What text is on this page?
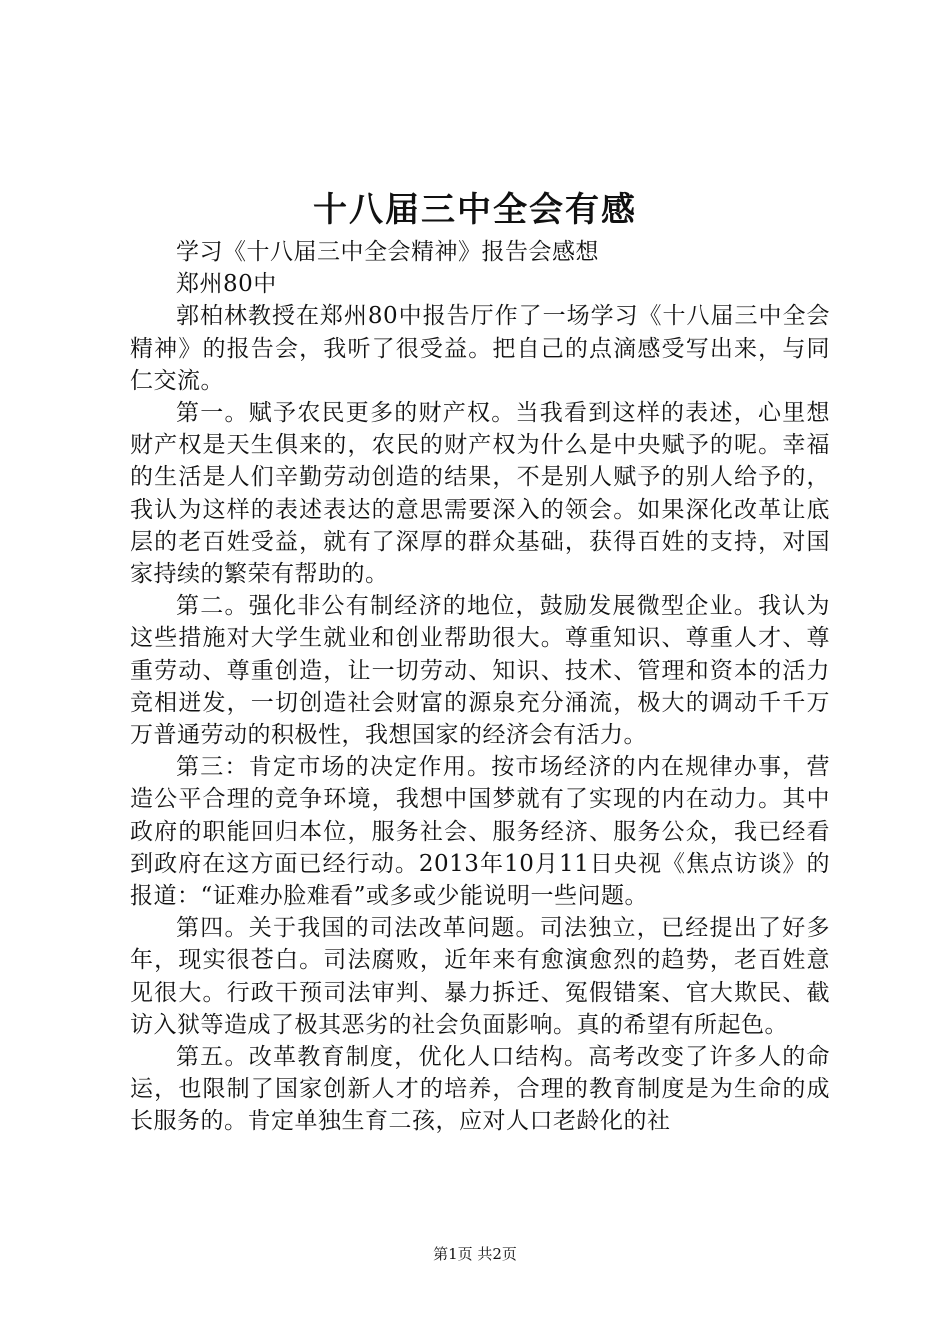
十八届三中全会有感

学习《十八届三中全会精神》报告会感想

郑州80中

郭柏林教授在郑州80中报告厅作了一场学习《十八届三中全会精神》的报告会，我听了很受益。把自己的点滴感受写出来，与同仁交流。

第一。赋予农民更多的财产权。当我看到这样的表述，心里想财产权是天生俱来的，农民的财产权为什么是中央赋予的呢。幸福的生活是人们辛勤劳动创造的结果，不是别人赋予的别人给予的，我认为这样的表述表达的意思需要深入的领会。如果深化改革让底层的老百姓受益，就有了深厚的群众基础，获得百姓的支持，对国家持续的繁荣有帮助的。

第二。强化非公有制经济的地位，鼓励发展微型企业。我认为这些措施对大学生就业和创业帮助很大。尊重知识、尊重人才、尊重劳动、尊重创造，让一切劳动、知识、技术、管理和资本的活力竞相迸发，一切创造社会财富的源泉充分涌流，极大的调动千千万万普通劳动的积极性，我想国家的经济会有活力。

第三：肯定市场的决定作用。按市场经济的内在规律办事，营造公平合理的竞争环境，我想中国梦就有了实现的内在动力。其中政府的职能回归本位，服务社会、服务经济、服务公众，我已经看到政府在这方面已经行动。2013年10月11日央视《焦点访谈》的报道：“证难办脸难看”或多或少能说明一些问题。

第四。关于我国的司法改革问题。司法独立，已经提出了好多年，现实很苍白。司法腐败，近年来有愈演愈烈的趋势，老百姓意见很大。行政干预司法审判、暴力拆迁、冤假错案、官大欺民、截访入狱等造成了极其恶劣的社会负面影响。真的希望有所起色。

第五。改革教育制度，优化人口结构。高考改变了许多人的命运，也限制了国家创新人才的培养，合理的教育制度是为生命的成长服务的。肯定单独生育二孩，应对人口老龄化的社

第1页 共2页
